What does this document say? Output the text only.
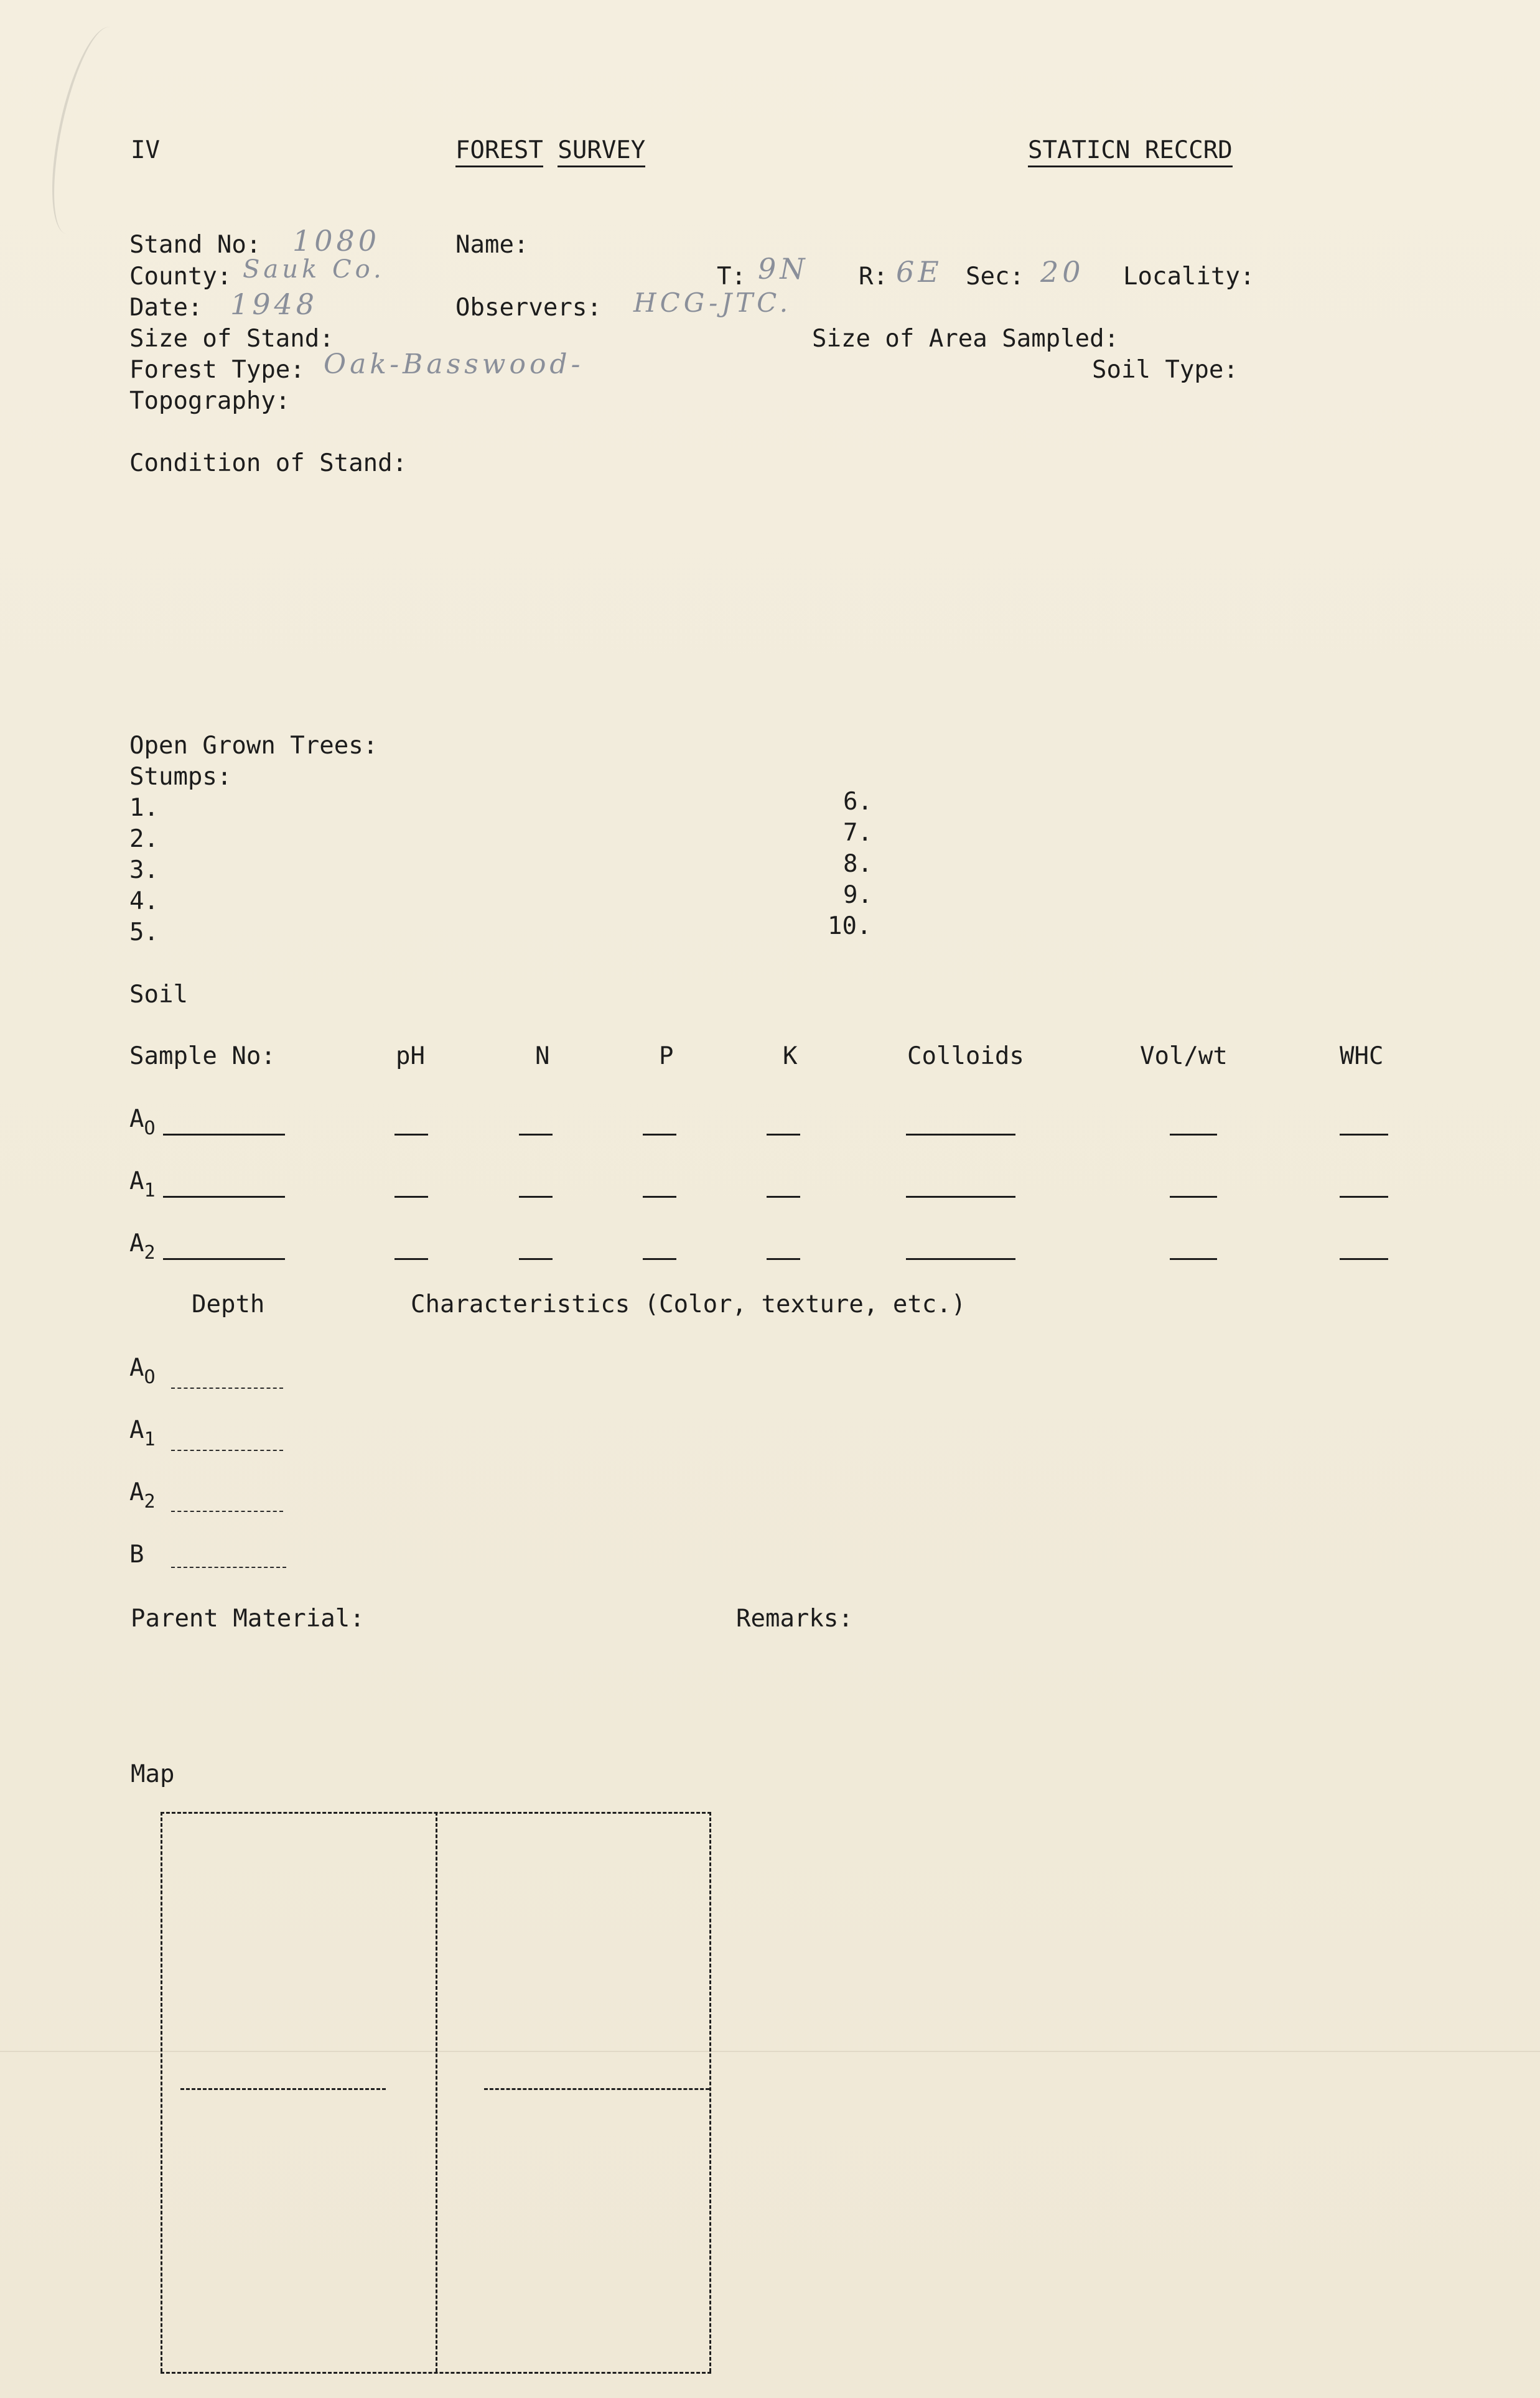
IV	FOREST SURVEY	STATICN RECCRD
Stand No: 1080	Name:
County: Sauk Co.	T: 9N R: 6E Sec: 20 Locality:
Date: 1948	Observers: HCG-JTC.
Size of Stand:	Size of Area Sampled:
Forest Type: Oak-Basswood-	Soil Type:
Topography:
Condition of Stand:
Open Grown Trees:
Stumps:
1.
2.
3.
4.
5.
6.
7.
8.
9.
10.
Soil
Sample No:	pH	N	P	K	Colloids	Vol/wt	WHC
$A_O$
$A_1$
$A_2$
Depth	Characteristics (Color, texture, etc.)
$A_O$
$A_1$
$A_2$
B
Parent Material:	Remarks:
Map
